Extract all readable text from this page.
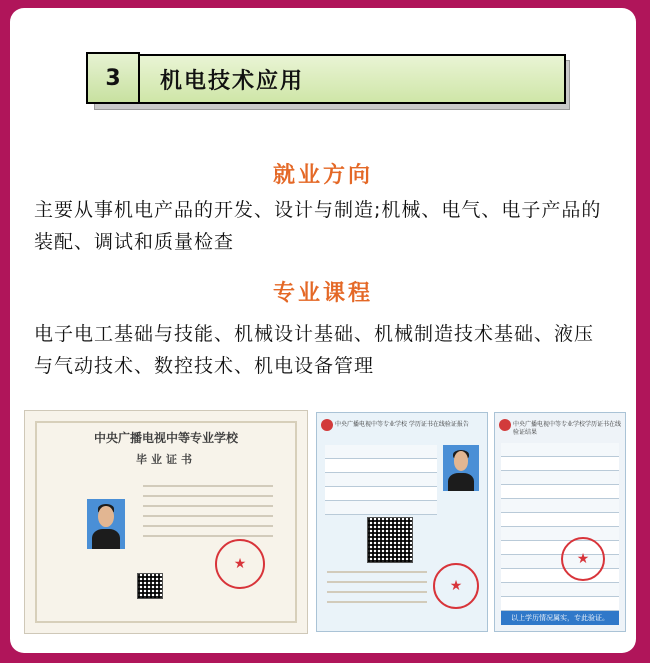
机电技术应用
3
就业方向
主要从事机电产品的开发、设计与制造;机械、电气、电子产品的
装配、调试和质量检查
专业课程
电子电工基础与技能、机械设计基础、机械制造技术基础、液压
与气动技术、数控技术、机电设备管理
中央广播电视中等专业学校
毕业证书
★
中央广播电视中等专业学校 学历证书在线验证报告
★
中央广播电视中等专业学校学历证书在线验证结果
★
以上学历情况属实，专此验证。
